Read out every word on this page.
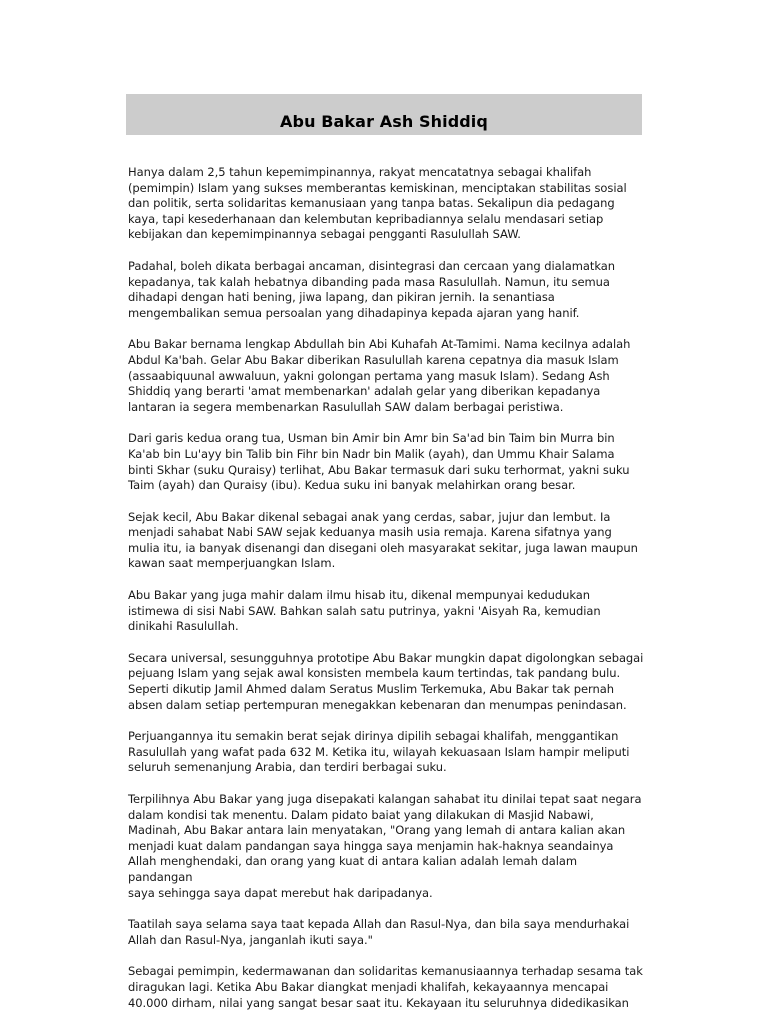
Abu Bakar Ash Shiddiq

Hanya dalam 2,5 tahun kepemimpinannya, rakyat mencatatnya sebagai khalifah
(pemimpin) Islam yang sukses memberantas kemiskinan, menciptakan stabilitas sosial
dan politik, serta solidaritas kemanusiaan yang tanpa batas. Sekalipun dia pedagang
kaya, tapi kesederhanaan dan kelembutan kepribadiannya selalu mendasari setiap
kebijakan dan kepemimpinannya sebagai pengganti Rasulullah SAW.

Padahal, boleh dikata berbagai ancaman, disintegrasi dan cercaan yang dialamatkan
kepadanya, tak kalah hebatnya dibanding pada masa Rasulullah. Namun, itu semua
dihadapi dengan hati bening, jiwa lapang, dan pikiran jernih. Ia senantiasa
mengembalikan semua persoalan yang dihadapinya kepada ajaran yang hanif.

Abu Bakar bernama lengkap Abdullah bin Abi Kuhafah At-Tamimi. Nama kecilnya adalah
Abdul Ka'bah. Gelar Abu Bakar diberikan Rasulullah karena cepatnya dia masuk Islam
(assaabiquunal awwaluun, yakni golongan pertama yang masuk Islam). Sedang Ash
Shiddiq yang berarti 'amat membenarkan' adalah gelar yang diberikan kepadanya
lantaran ia segera membenarkan Rasulullah SAW dalam berbagai peristiwa.

Dari garis kedua orang tua, Usman bin Amir bin Amr bin Sa'ad bin Taim bin Murra bin
Ka'ab bin Lu'ayy bin Talib bin Fihr bin Nadr bin Malik (ayah), dan Ummu Khair Salama
binti Skhar (suku Quraisy) terlihat, Abu Bakar termasuk dari suku terhormat, yakni suku
Taim (ayah) dan Quraisy (ibu). Kedua suku ini banyak melahirkan orang besar.

Sejak kecil, Abu Bakar dikenal sebagai anak yang cerdas, sabar, jujur dan lembut. Ia
menjadi sahabat Nabi SAW sejak keduanya masih usia remaja. Karena sifatnya yang
mulia itu, ia banyak disenangi dan disegani oleh masyarakat sekitar, juga lawan maupun
kawan saat memperjuangkan Islam.

Abu Bakar yang juga mahir dalam ilmu hisab itu, dikenal mempunyai kedudukan
istimewa di sisi Nabi SAW. Bahkan salah satu putrinya, yakni 'Aisyah Ra, kemudian
dinikahi Rasulullah.

Secara universal, sesungguhnya prototipe Abu Bakar mungkin dapat digolongkan sebagai
pejuang Islam yang sejak awal konsisten membela kaum tertindas, tak pandang bulu.
Seperti dikutip Jamil Ahmed dalam Seratus Muslim Terkemuka, Abu Bakar tak pernah
absen dalam setiap pertempuran menegakkan kebenaran dan menumpas penindasan.

Perjuangannya itu semakin berat sejak dirinya dipilih sebagai khalifah, menggantikan
Rasulullah yang wafat pada 632 M. Ketika itu, wilayah kekuasaan Islam hampir meliputi
seluruh semenanjung Arabia, dan terdiri berbagai suku.

Terpilihnya Abu Bakar yang juga disepakati kalangan sahabat itu dinilai tepat saat negara
dalam kondisi tak menentu. Dalam pidato baiat yang dilakukan di Masjid Nabawi,
Madinah, Abu Bakar antara lain menyatakan, "Orang yang lemah di antara kalian akan
menjadi kuat dalam pandangan saya hingga saya menjamin hak-haknya seandainya
Allah menghendaki, dan orang yang kuat di antara kalian adalah lemah dalam pandangan
saya sehingga saya dapat merebut hak daripadanya.

Taatilah saya selama saya taat kepada Allah dan Rasul-Nya, dan bila saya mendurhakai
Allah dan Rasul-Nya, janganlah ikuti saya."

Sebagai pemimpin, kedermawanan dan solidaritas kemanusiaannya terhadap sesama tak
diragukan lagi. Ketika Abu Bakar diangkat menjadi khalifah, kekayaannya mencapai
40.000 dirham, nilai yang sangat besar saat itu. Kekayaan itu seluruhnya didedikasikan
